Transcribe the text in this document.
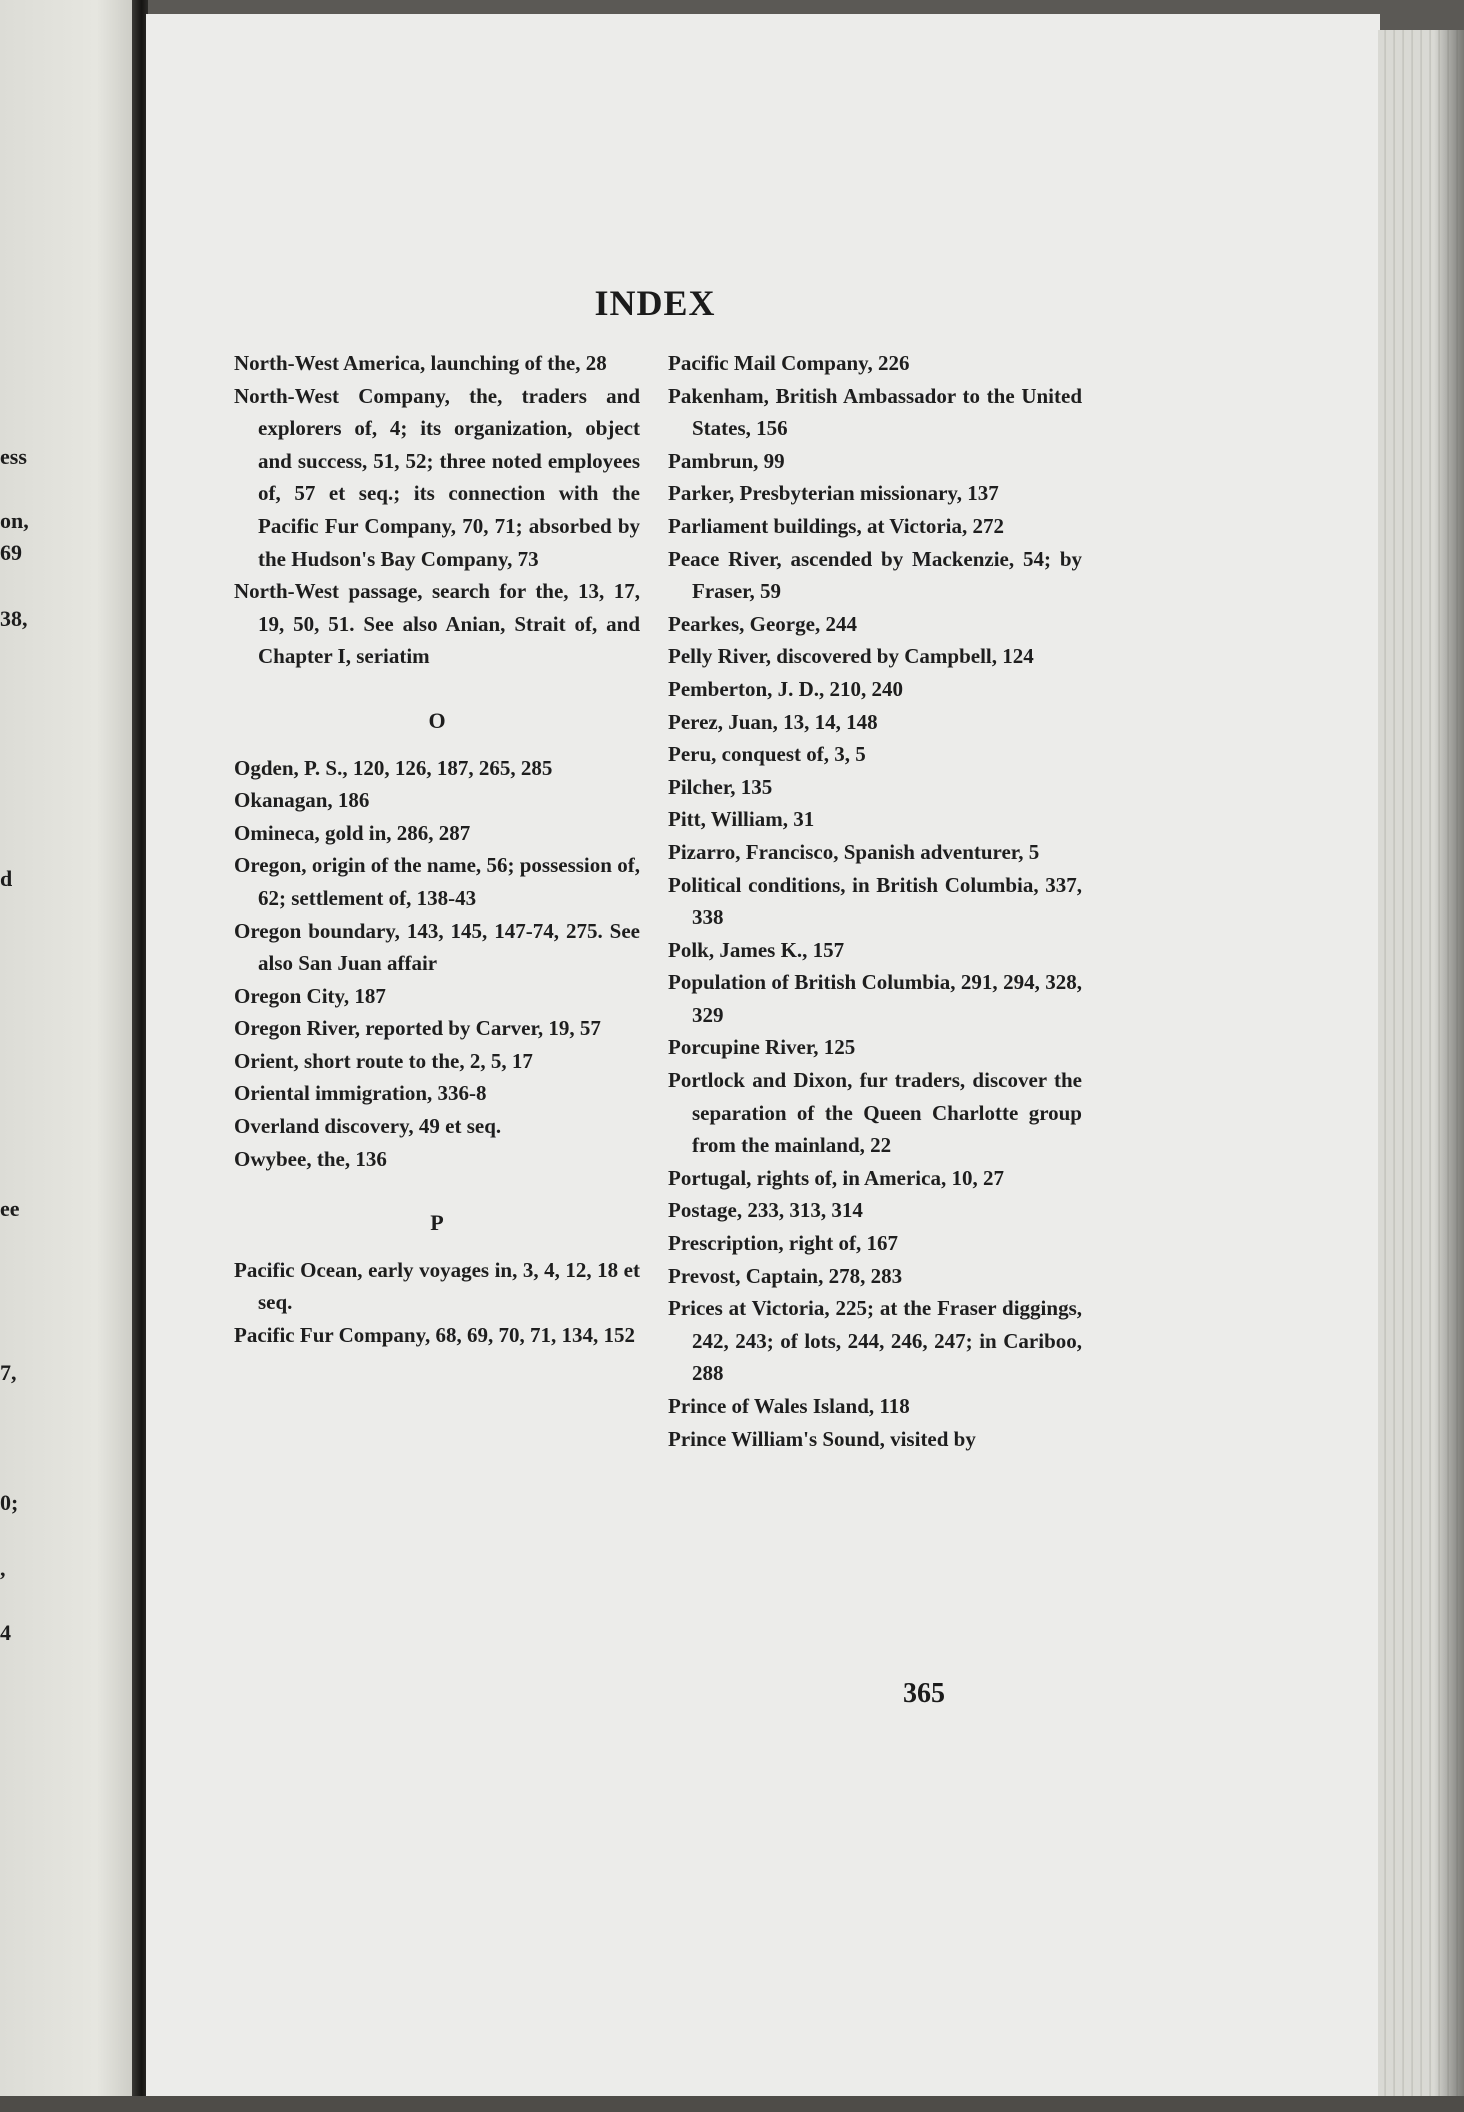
ess
on,
69
38,
d
ee
7,
0;
,
4
INDEX
North-West America, launching of the, 28
North-West Company, the, traders and explorers of, 4; its organization, object and success, 51, 52; three noted employees of, 57 et seq.; its connection with the Pacific Fur Company, 70, 71; absorbed by the Hudson's Bay Company, 73
North-West passage, search for the, 13, 17, 19, 50, 51. See also Anian, Strait of, and Chapter I, seriatim
O
Ogden, P. S., 120, 126, 187, 265, 285
Okanagan, 186
Omineca, gold in, 286, 287
Oregon, origin of the name, 56; possession of, 62; settlement of, 138-43
Oregon boundary, 143, 145, 147-74, 275. See also San Juan affair
Oregon City, 187
Oregon River, reported by Carver, 19, 57
Orient, short route to the, 2, 5, 17
Oriental immigration, 336-8
Overland discovery, 49 et seq.
Owybee, the, 136
P
Pacific Ocean, early voyages in, 3, 4, 12, 18 et seq.
Pacific Fur Company, 68, 69, 70, 71, 134, 152
Pacific Mail Company, 226
Pakenham, British Ambassador to the United States, 156
Pambrun, 99
Parker, Presbyterian missionary, 137
Parliament buildings, at Victoria, 272
Peace River, ascended by Mackenzie, 54; by Fraser, 59
Pearkes, George, 244
Pelly River, discovered by Campbell, 124
Pemberton, J. D., 210, 240
Perez, Juan, 13, 14, 148
Peru, conquest of, 3, 5
Pilcher, 135
Pitt, William, 31
Pizarro, Francisco, Spanish adventurer, 5
Political conditions, in British Columbia, 337, 338
Polk, James K., 157
Population of British Columbia, 291, 294, 328, 329
Porcupine River, 125
Portlock and Dixon, fur traders, discover the separation of the Queen Charlotte group from the mainland, 22
Portugal, rights of, in America, 10, 27
Postage, 233, 313, 314
Prescription, right of, 167
Prevost, Captain, 278, 283
Prices at Victoria, 225; at the Fraser diggings, 242, 243; of lots, 244, 246, 247; in Cariboo, 288
Prince of Wales Island, 118
Prince William's Sound, visited by
365
